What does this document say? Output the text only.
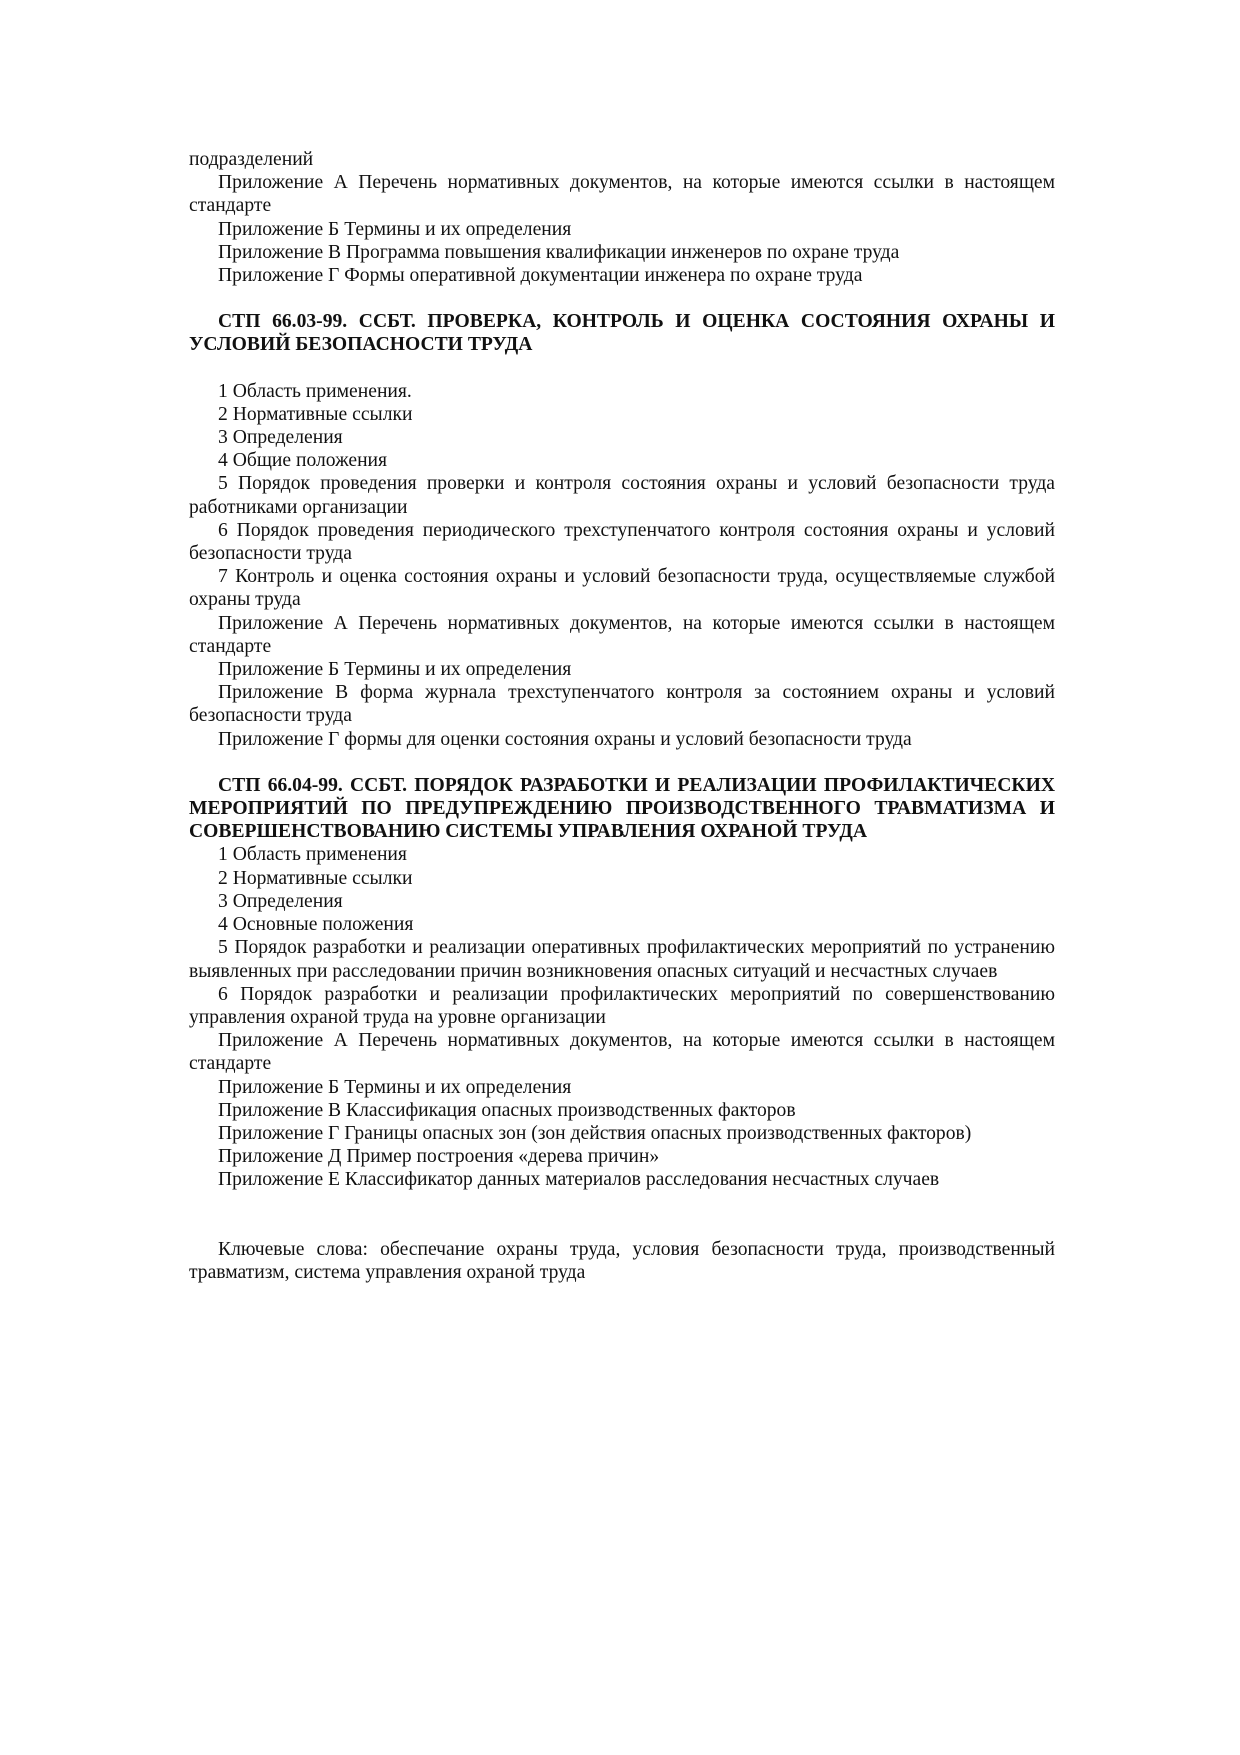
подразделений

Приложение А Перечень нормативных документов, на которые имеются ссылки в настоящем стандарте

Приложение Б Термины и их определения

Приложение В Программа повышения квалификации инженеров по охране труда

Приложение Г Формы оперативной документации инженера по охране труда

СТП 66.03-99. ССБТ. ПРОВЕРКА, КОНТРОЛЬ И ОЦЕНКА СОСТОЯНИЯ ОХРАНЫ И УСЛОВИЙ БЕЗОПАСНОСТИ ТРУДА

1 Область применения.

2 Нормативные ссылки

3 Определения

4 Общие положения

5 Порядок проведения проверки и контроля состояния охраны и условий безопасности труда работниками организации

6 Порядок проведения периодического трехступенчатого контроля состояния охраны и условий безопасности труда

7 Контроль и оценка состояния охраны и условий безопасности труда, осуществляемые службой охраны труда

Приложение А Перечень нормативных документов, на которые имеются ссылки в настоящем стандарте

Приложение Б Термины и их определения

Приложение В форма журнала трехступенчатого контроля за состоянием охраны и условий безопасности труда

Приложение Г формы для оценки состояния охраны и условий безопасности труда

СТП 66.04-99. ССБТ. ПОРЯДОК РАЗРАБОТКИ И РЕАЛИЗАЦИИ ПРОФИЛАКТИЧЕСКИХ МЕРОПРИЯТИЙ ПО ПРЕДУПРЕЖДЕНИЮ ПРОИЗВОДСТВЕННОГО ТРАВМАТИЗМА И СОВЕРШЕНСТВОВАНИЮ СИСТЕМЫ УПРАВЛЕНИЯ ОХРАНОЙ ТРУДА

1 Область применения

2 Нормативные ссылки

3 Определения

4 Основные положения

5 Порядок разработки и реализации оперативных профилактических мероприятий по устранению выявленных при расследовании причин возникновения опасных ситуаций и несчастных случаев

6 Порядок разработки и реализации профилактических мероприятий по совершенствованию управления охраной труда на уровне организации

Приложение А Перечень нормативных документов, на которые имеются ссылки в настоящем стандарте

Приложение Б Термины и их определения

Приложение В Классификация опасных производственных факторов

Приложение Г Границы опасных зон (зон действия опасных производственных факторов)

Приложение Д Пример построения «дерева причин»

Приложение Е Классификатор данных материалов расследования несчастных случаев

Ключевые слова: обеспечание охраны труда, условия безопасности труда, производственный травматизм, система управления охраной труда
